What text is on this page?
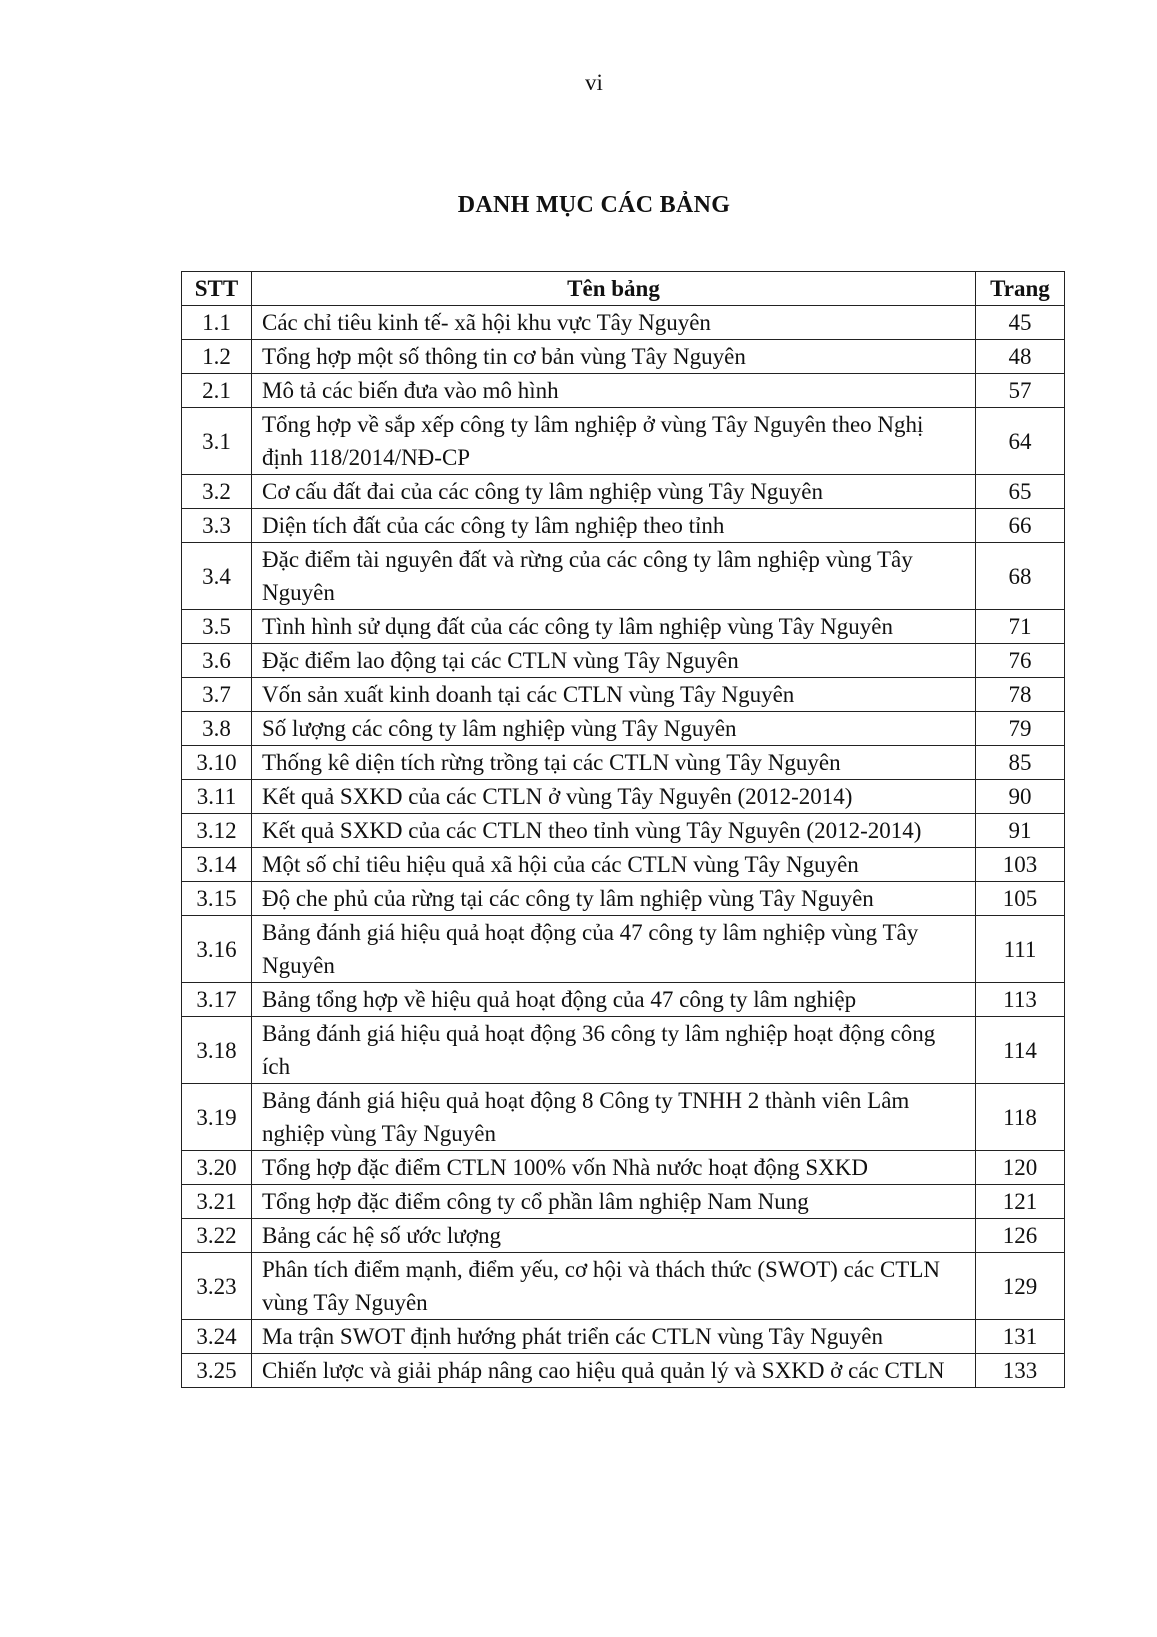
vi
DANH MỤC CÁC BẢNG
STT	Tên bảng	Trang
1.1	Các chỉ tiêu kinh tế- xã hội khu vực Tây Nguyên	45
1.2	Tổng hợp một số thông tin cơ bản vùng Tây Nguyên	48
2.1	Mô tả các biến đưa vào mô hình	57
3.1	Tổng hợp về sắp xếp công ty lâm nghiệp ở vùng Tây Nguyên theo Nghị định 118/2014/NĐ-CP	64
3.2	Cơ cấu đất đai của các công ty lâm nghiệp vùng Tây Nguyên	65
3.3	Diện tích đất của các công ty lâm nghiệp theo tỉnh	66
3.4	Đặc điểm tài nguyên đất và rừng của các công ty lâm nghiệp vùng Tây Nguyên	68
3.5	Tình hình sử dụng đất của các công ty lâm nghiệp vùng Tây Nguyên	71
3.6	Đặc điểm lao động tại các CTLN vùng Tây Nguyên	76
3.7	Vốn sản xuất kinh doanh tại các CTLN vùng Tây Nguyên	78
3.8	Số lượng các công ty lâm nghiệp vùng Tây Nguyên	79
3.10	Thống kê diện tích rừng trồng tại các CTLN vùng Tây Nguyên	85
3.11	Kết quả SXKD của các CTLN ở vùng Tây Nguyên (2012-2014)	90
3.12	Kết quả SXKD của các CTLN theo tỉnh vùng Tây Nguyên (2012-2014)	91
3.14	Một số chỉ tiêu hiệu quả xã hội của các CTLN vùng Tây Nguyên	103
3.15	Độ che phủ của rừng tại các công ty lâm nghiệp vùng Tây Nguyên	105
3.16	Bảng đánh giá hiệu quả hoạt động của 47 công ty lâm nghiệp vùng Tây Nguyên	111
3.17	Bảng tổng hợp về hiệu quả hoạt động của 47 công ty lâm nghiệp	113
3.18	Bảng đánh giá hiệu quả hoạt động 36 công ty lâm nghiệp hoạt động công ích	114
3.19	Bảng đánh giá hiệu quả hoạt động 8 Công ty TNHH 2 thành viên Lâm nghiệp vùng Tây Nguyên	118
3.20	Tổng hợp đặc điểm CTLN 100% vốn Nhà nước hoạt động SXKD	120
3.21	Tổng hợp đặc điểm công ty cổ phần lâm nghiệp Nam Nung	121
3.22	Bảng các hệ số ước lượng	126
3.23	Phân tích điểm mạnh, điểm yếu, cơ hội và thách thức (SWOT) các CTLN vùng Tây Nguyên	129
3.24	Ma trận SWOT định hướng phát triển các CTLN vùng Tây Nguyên	131
3.25	Chiến lược và giải pháp nâng cao hiệu quả quản lý và SXKD ở các CTLN	133
